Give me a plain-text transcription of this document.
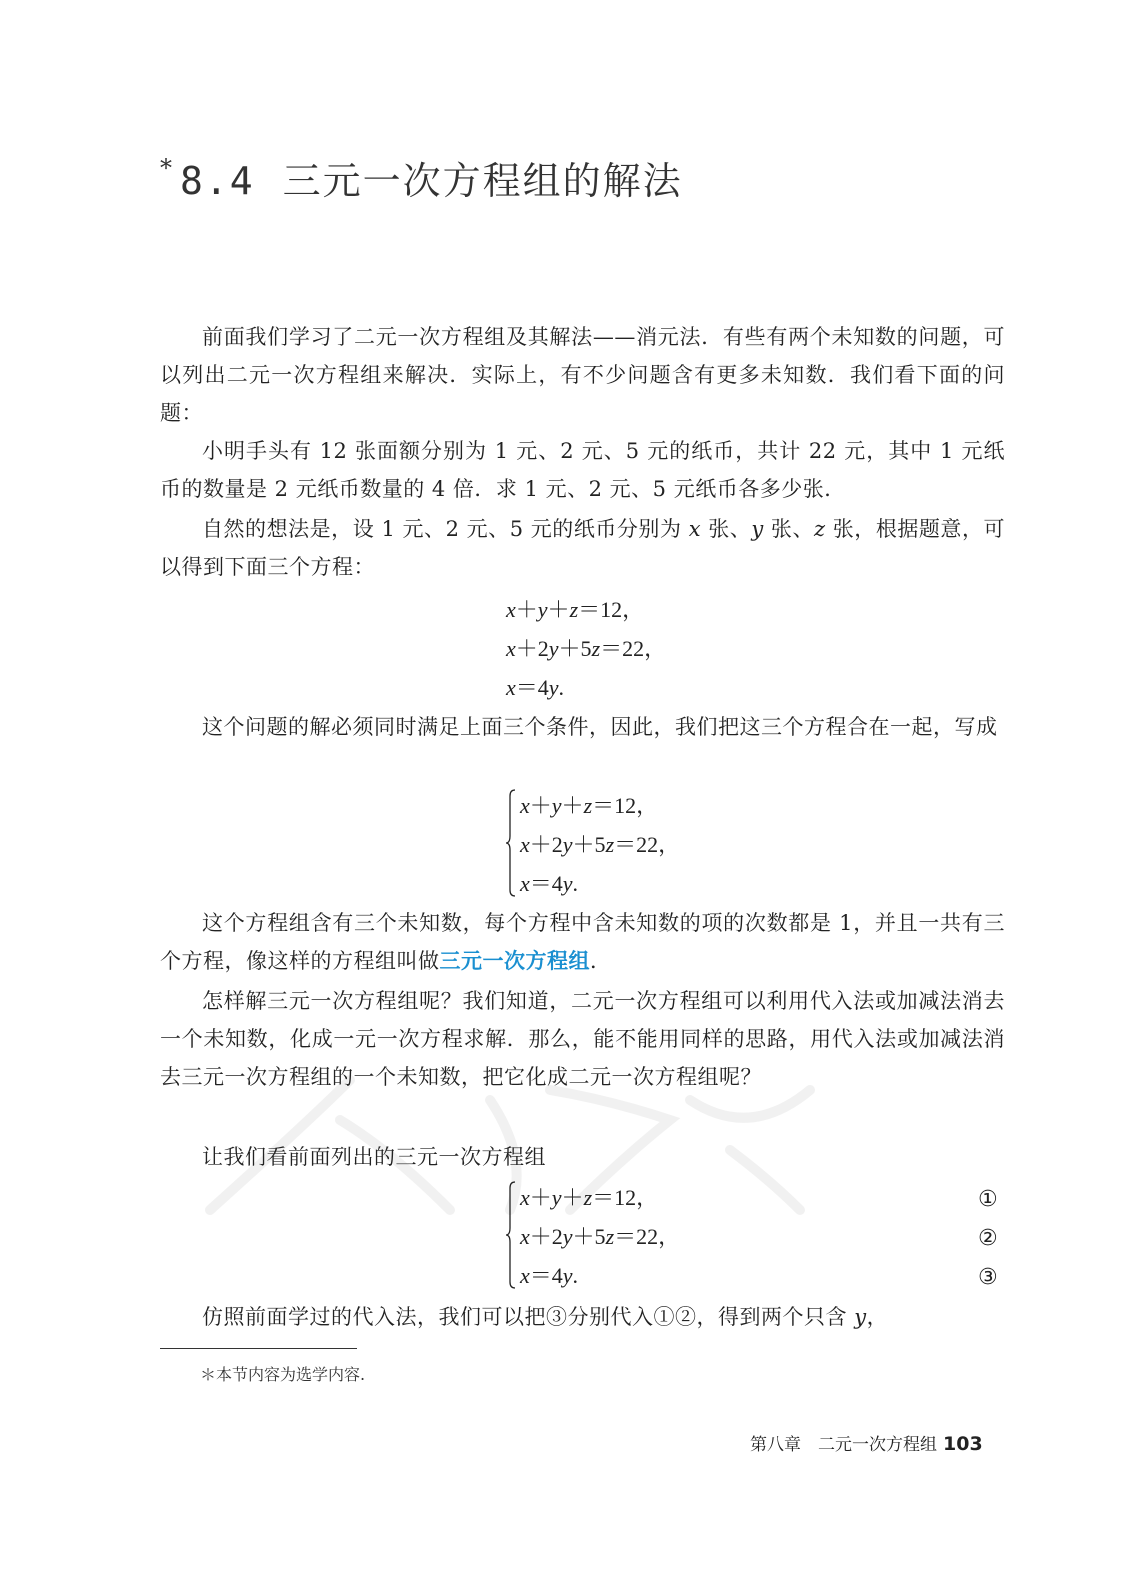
* 8.4 三元一次方程组的解法
前面我们学习了二元一次方程组及其解法——消元法．有些有两个未知数的问题，可以列出二元一次方程组来解决．实际上，有不少问题含有更多未知数．我们看下面的问题：
小明手头有 12 张面额分别为 1 元、2 元、5 元的纸币，共计 22 元，其中 1 元纸币的数量是 2 元纸币数量的 4 倍．求 1 元、2 元、5 元纸币各多少张．
自然的想法是，设 1 元、2 元、5 元的纸币分别为 x 张、y 张、z 张，根据题意，可以得到下面三个方程：
x＋y＋z＝12，
x＋2y＋5z＝22，
x＝4y.
这个问题的解必须同时满足上面三个条件，因此，我们把这三个方程合在一起，写成
x＋y＋z＝12，
x＋2y＋5z＝22，
x＝4y.
这个方程组含有三个未知数，每个方程中含未知数的项的次数都是 1，并且一共有三个方程，像这样的方程组叫做三元一次方程组．
怎样解三元一次方程组呢？我们知道，二元一次方程组可以利用代入法或加减法消去一个未知数，化成一元一次方程求解．那么，能不能用同样的思路，用代入法或加减法消去三元一次方程组的一个未知数，把它化成二元一次方程组呢？
让我们看前面列出的三元一次方程组
x＋y＋z＝12，
x＋2y＋5z＝22，
x＝4y.
①
②
③
仿照前面学过的代入法，我们可以把③分别代入①②，得到两个只含 y，
＊本节内容为选学内容.
第八章　二元一次方程组 103
